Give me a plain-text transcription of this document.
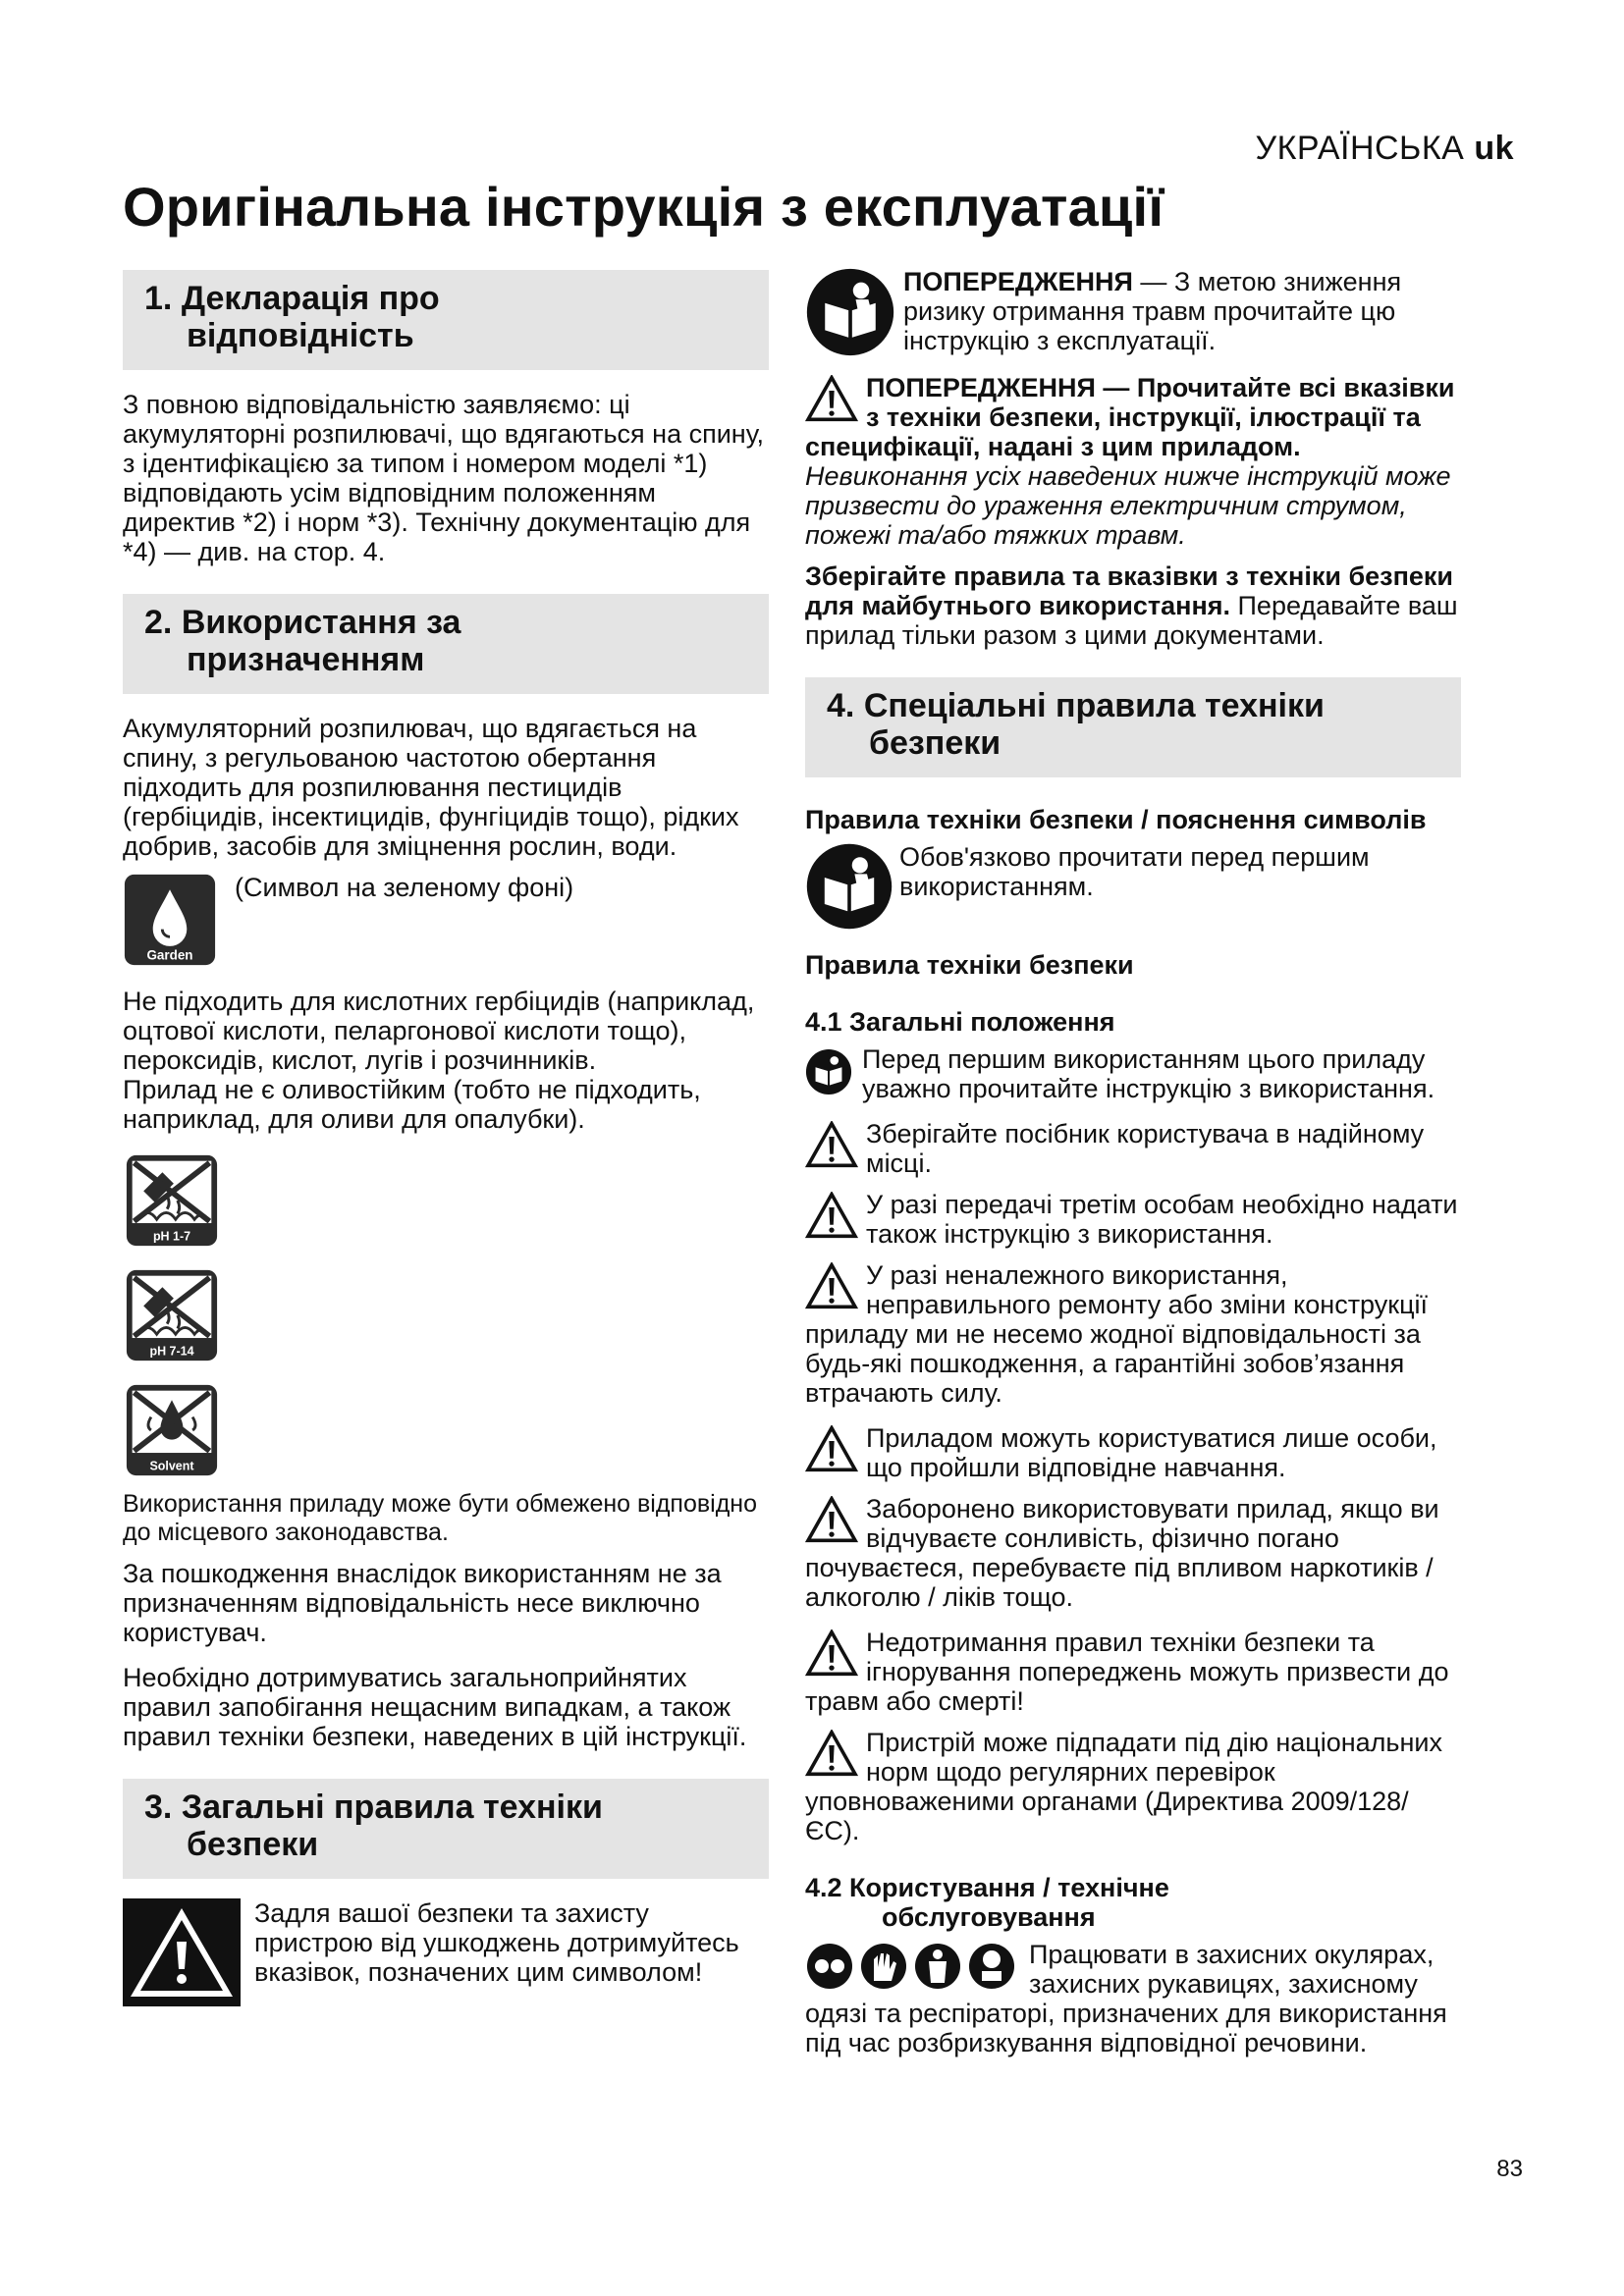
УКРАЇНСЬКА uk
Оригінальна інструкція з експлуатації
1. Декларація про
відповідність

З повною відповідальністю заявляємо: ці акумуляторні розпилювачі, що вдягаються на спину, з ідентифікацією за типом і номером моделі *1) відповідають усім відповідним положенням директив *2) і норм *3). Технічну документацію для *4) — див. на стор. 4.

2. Використання за
призначенням

Акумуляторний розпилювач, що вдягається на спину, з регульованою частотою обертання підходить для розпилювання пестицидів (гербіцидів, інсектицидів, фунгіцидів тощо), рідких добрив, засобів для зміцнення рослин, води.

Garden

(Символ на зеленому фоні)

Не підходить для кислотних гербіцидів (наприклад, оцтової кислоти, пеларгонової кислоти тощо), пероксидів, кислот, лугів і розчинників.

Прилад не є оливостійким (тобто не підходить, наприклад, для оливи для опалубки).

pH 1-7
pH 7-14
Solvent

Використання приладу може бути обмежено відповідно до місцевого законодавства.

За пошкодження внаслідок використанням не за призначенням відповідальність несе виключно користувач.

Необхідно дотримуватись загальноприйнятих правил запобігання нещасним випадкам, а також правил техніки безпеки, наведених в цій інструкції.

3. Загальні правила техніки
безпеки

Задля вашої безпеки та захисту пристрою від ушкоджень дотримуйтесь вказівок, позначених цим символом!

ПОПЕРЕДЖЕННЯ — З метою зниження ризику отримання травм прочитайте цю інструкцію з експлуатації.

ПОПЕРЕДЖЕННЯ — Прочитайте всі вказівки з техніки безпеки, інструкції, ілюстрації та специфікації, надані з цим приладом. Невиконання усіх наведених нижче інструкцій може призвести до ураження електричним струмом, пожежі та/або тяжких травм.

Зберігайте правила та вказівки з техніки безпеки для майбутнього використання. Передавайте ваш прилад тільки разом з цими документами.

4. Спеціальні правила техніки
безпеки

Правила техніки безпеки / пояснення символів

Обов'язково прочитати перед першим використанням.

Правила техніки безпеки

4.1 Загальні положення

Перед першим використанням цього приладу уважно прочитайте інструкцію з використання.

Зберігайте посібник користувача в надійному місці.

У разі передачі третім особам необхідно надати також інструкцію з використання.

У разі неналежного використання, неправильного ремонту або зміни конструкції приладу ми не несемо жодної відповідальності за будь-які пошкодження, а гарантійні зобов’язання втрачають силу.

Приладом можуть користуватися лише особи, що пройшли відповідне навчання.

Заборонено використовувати прилад, якщо ви відчуваєте сонливість, фізично погано почуваєтеся, перебуваєте під впливом наркотиків / алкоголю / ліків тощо.

Недотримання правил техніки безпеки та ігнорування попереджень можуть призвести до травм або смерті!

Пристрій може підпадати під дію національних норм щодо регулярних перевірок уповноваженими органами (Директива 2009/128/ЄС).

4.2 Користування / технічне
обслуговування

Працювати в захисних окулярах, захисних рукавицях, захисному одязі та респіраторі, призначених для використання під час розбризкування відповідної речовини.

83
